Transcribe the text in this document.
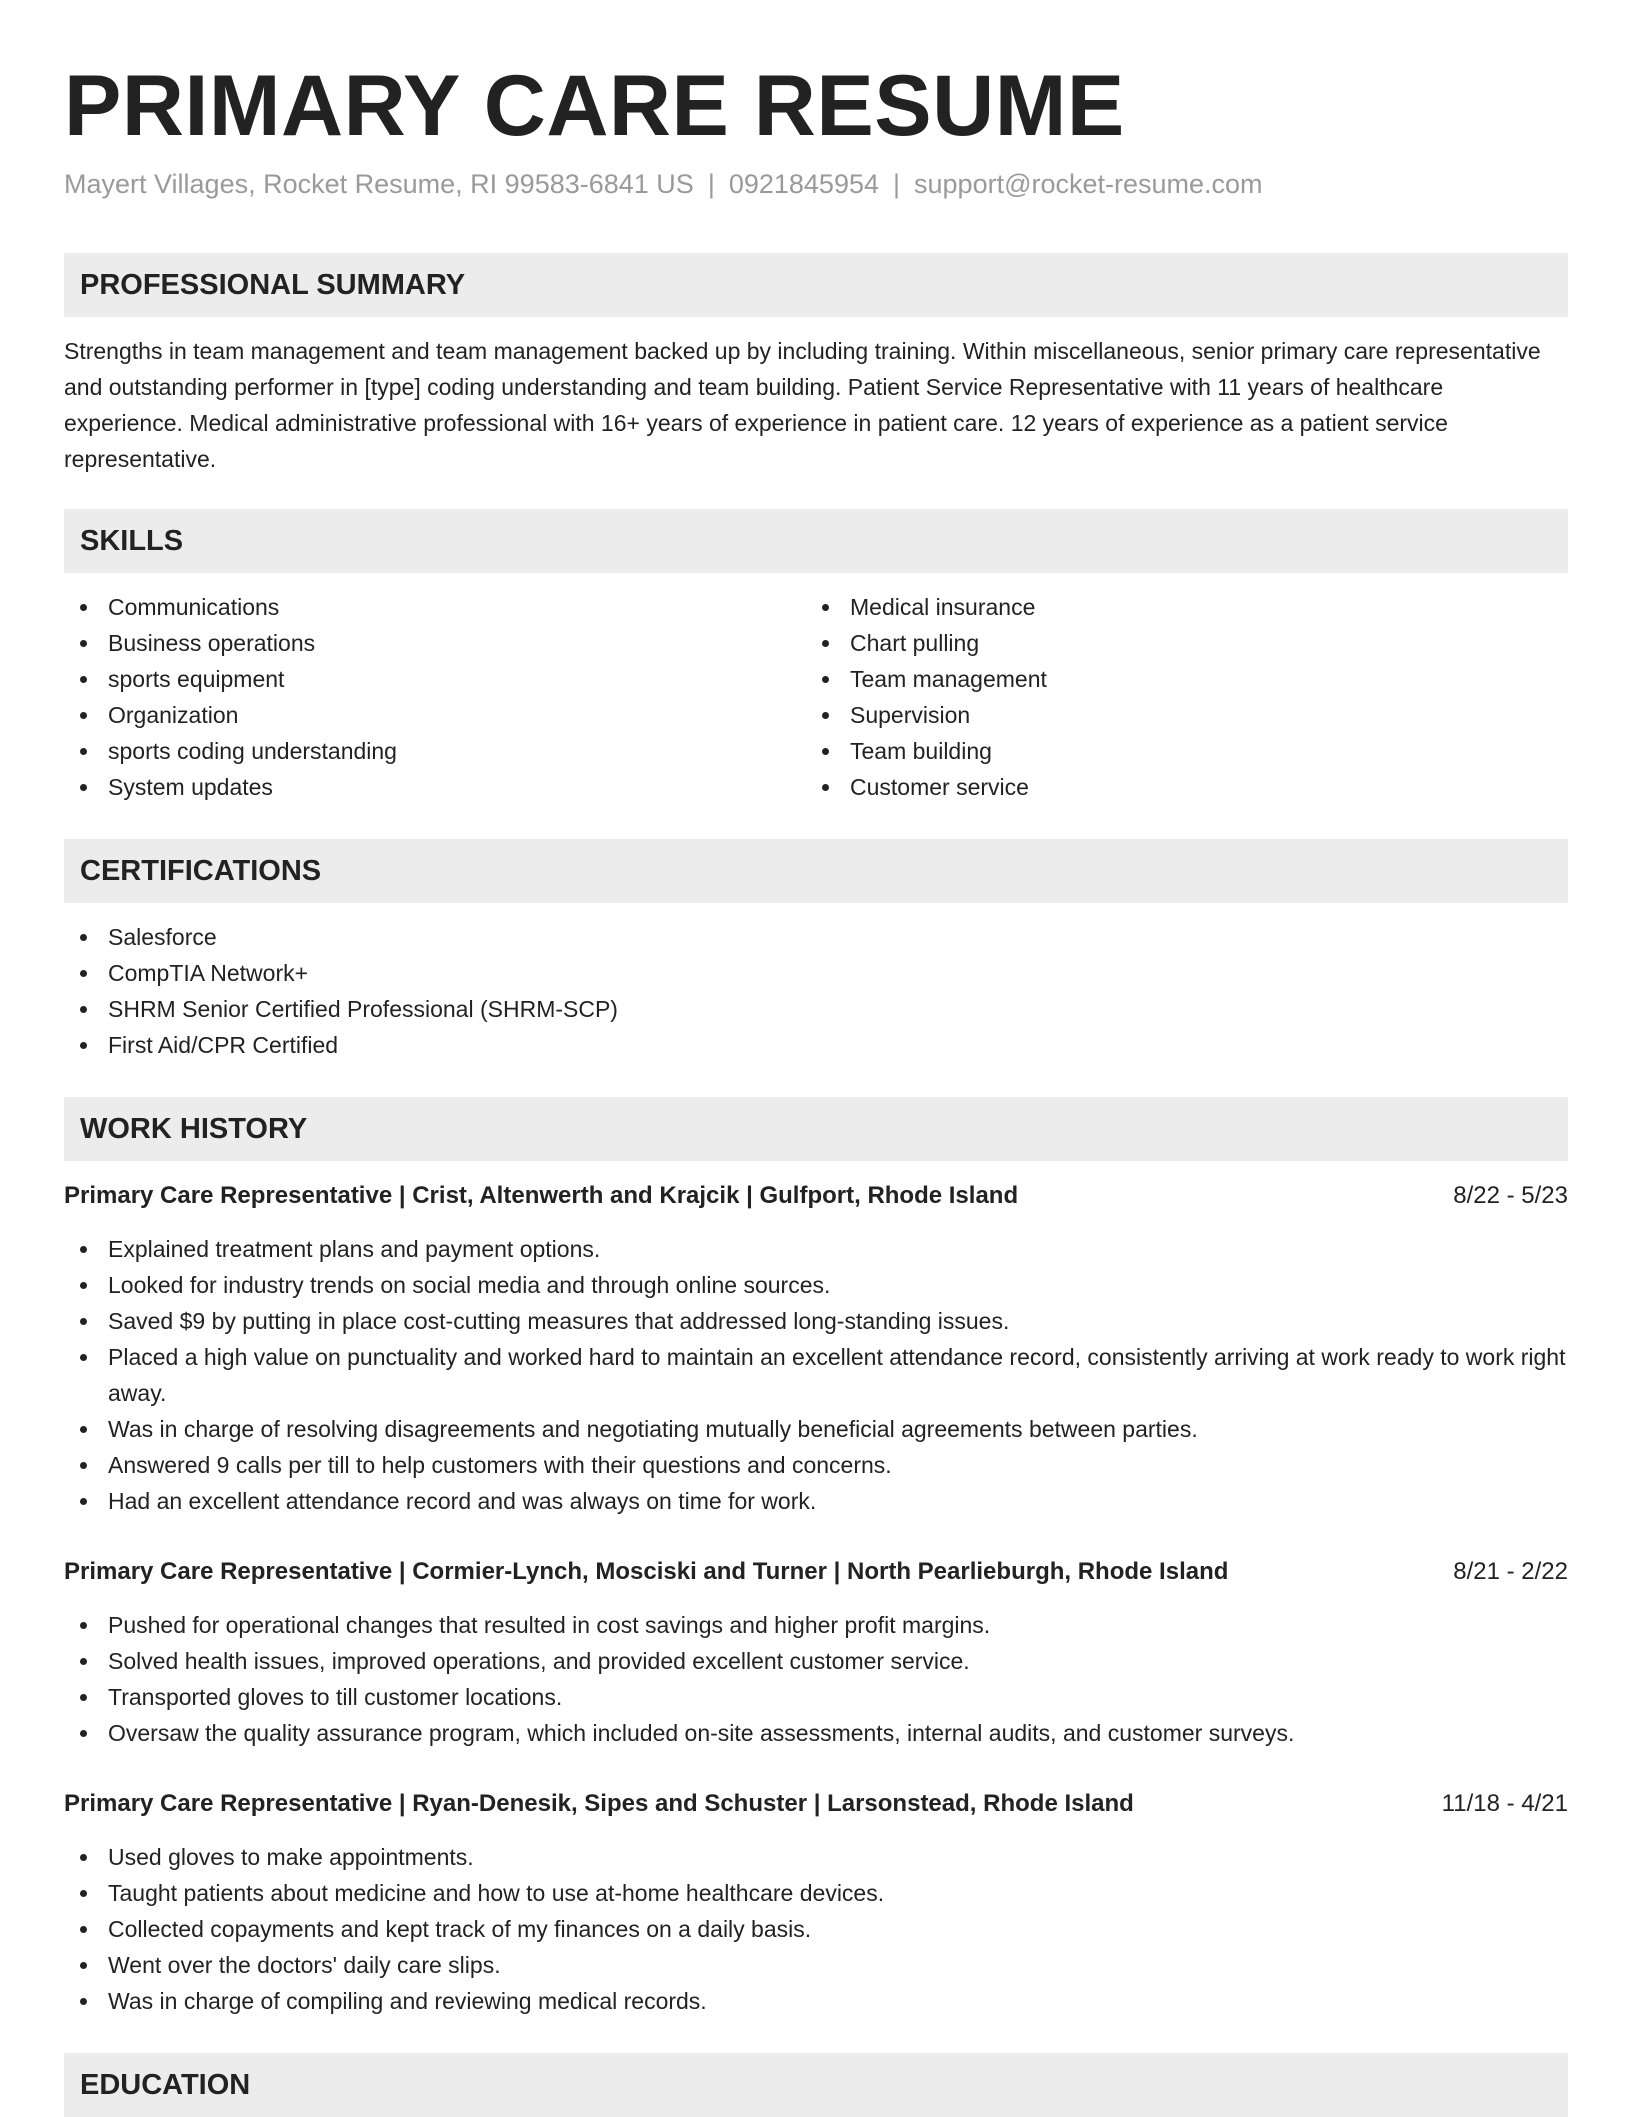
PRIMARY CARE RESUME

Mayert Villages, Rocket Resume, RI 99583-6841 US | 0921845954 | support@rocket-resume.com

PROFESSIONAL SUMMARY

Strengths in team management and team management backed up by including training. Within miscellaneous, senior primary care representative and outstanding performer in [type] coding understanding and team building. Patient Service Representative with 11 years of healthcare experience. Medical administrative professional with 16+ years of experience in patient care. 12 years of experience as a patient service representative.

SKILLS
Communications
Business operations
sports equipment
Organization
sports coding understanding
System updates
Medical insurance
Chart pulling
Team management
Supervision
Team building
Customer service
CERTIFICATIONS
Salesforce
CompTIA Network+
SHRM Senior Certified Professional (SHRM-SCP)
First Aid/CPR Certified
WORK HISTORY

Primary Care Representative | Crist, Altenwerth and Krajcik | Gulfport, Rhode Island	8/22 - 5/23

Explained treatment plans and payment options.
Looked for industry trends on social media and through online sources.
Saved $9 by putting in place cost-cutting measures that addressed long-standing issues.
Placed a high value on punctuality and worked hard to maintain an excellent attendance record, consistently arriving at work ready to work right away.
Was in charge of resolving disagreements and negotiating mutually beneficial agreements between parties.
Answered 9 calls per till to help customers with their questions and concerns.
Had an excellent attendance record and was always on time for work.

Primary Care Representative | Cormier-Lynch, Mosciski and Turner | North Pearlieburgh, Rhode Island	8/21 - 2/22

Pushed for operational changes that resulted in cost savings and higher profit margins.
Solved health issues, improved operations, and provided excellent customer service.
Transported gloves to till customer locations.
Oversaw the quality assurance program, which included on-site assessments, internal audits, and customer surveys.

Primary Care Representative | Ryan-Denesik, Sipes and Schuster | Larsonstead, Rhode Island	11/18 - 4/21

Used gloves to make appointments.
Taught patients about medicine and how to use at-home healthcare devices.
Collected copayments and kept track of my finances on a daily basis.
Went over the doctors' daily care slips.
Was in charge of compiling and reviewing medical records.
EDUCATION
